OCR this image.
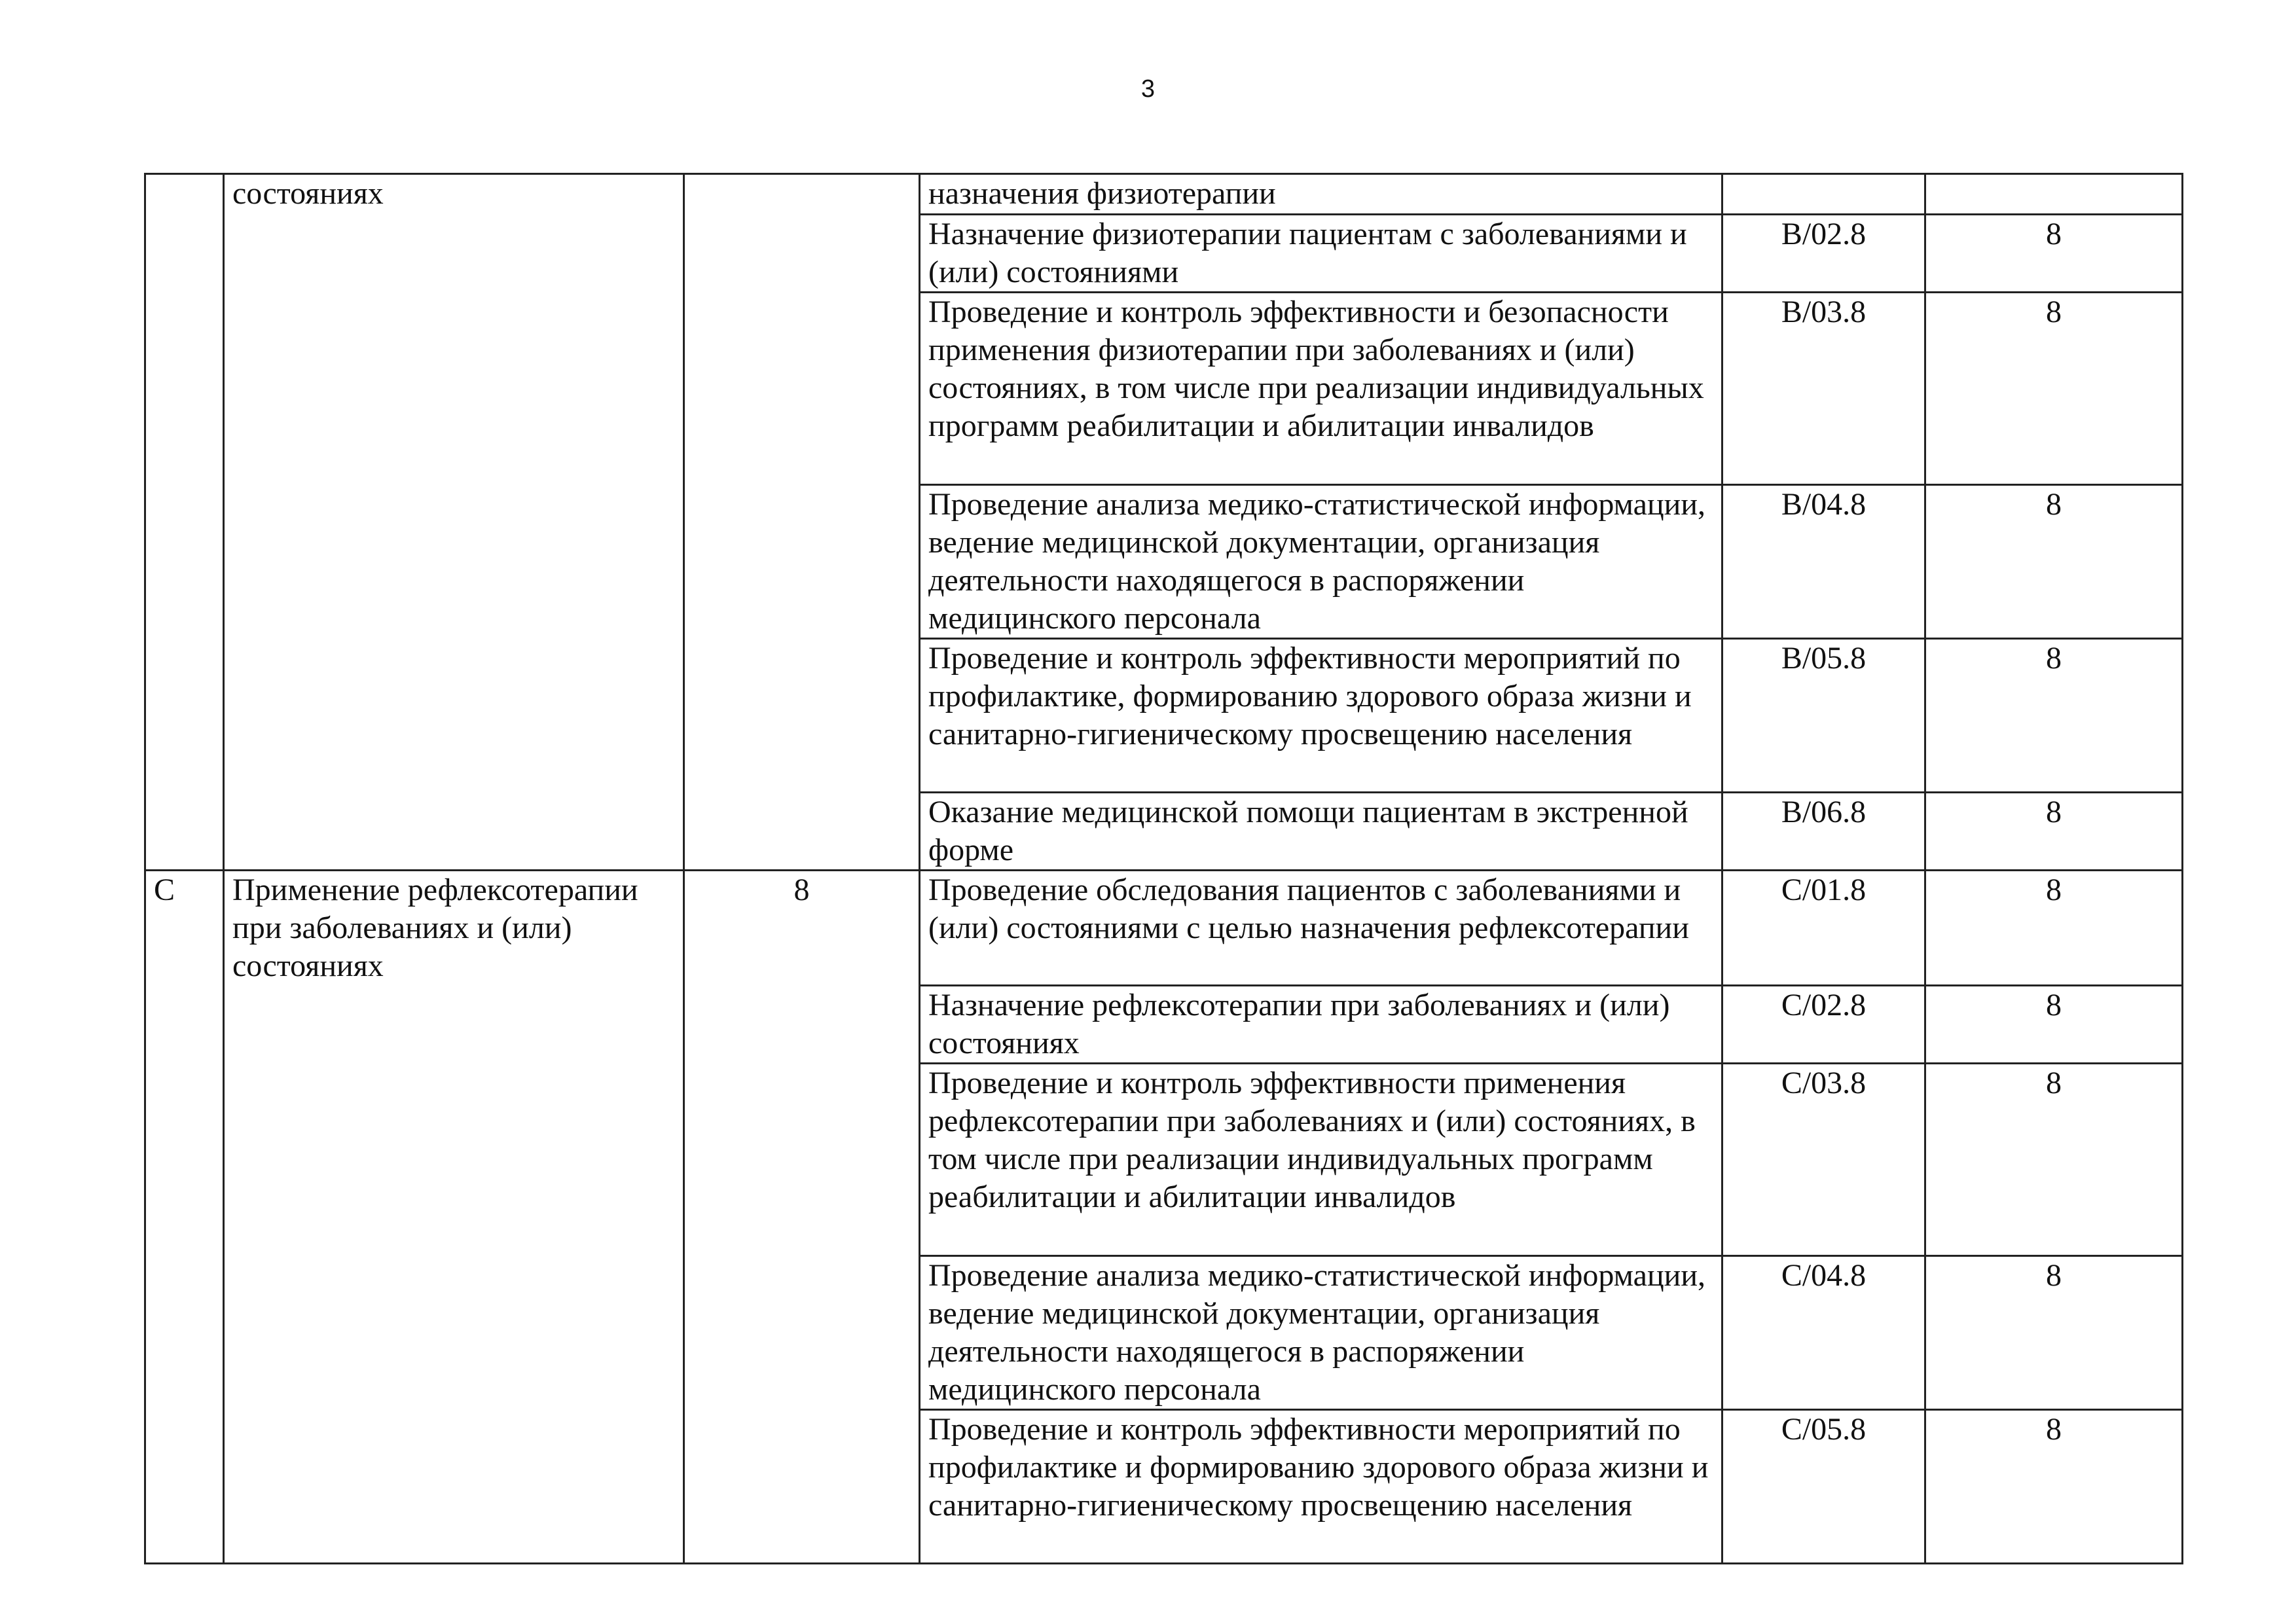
3
	состояниях		назначения физиотерапии		
			Назначение физиотерапии пациентам с заболеваниями и (или) состояниями	B/02.8	8
			Проведение и контроль эффективности и безопасности применения физиотерапии при заболеваниях и (или) состояниях, в том числе при реализации индивидуальных программ реабилитации и абилитации инвалидов	B/03.8	8
			Проведение анализа медико-статистической информации, ведение медицинской документации, организация деятельности находящегося в распоряжении медицинского персонала	B/04.8	8
			Проведение и контроль эффективности мероприятий по профилактике, формированию здорового образа жизни и санитарно-гигиеническому просвещению населения	B/05.8	8
			Оказание медицинской помощи пациентам в экстренной форме	B/06.8	8
C	Применение рефлексотерапии при заболеваниях и (или) состояниях	8	Проведение обследования пациентов с заболеваниями и (или) состояниями с целью назначения рефлексотерапии	C/01.8	8
			Назначение рефлексотерапии при заболеваниях и (или) состояниях	C/02.8	8
			Проведение и контроль эффективности применения рефлексотерапии при заболеваниях и (или) состояниях, в том числе при реализации индивидуальных программ реабилитации и абилитации инвалидов	C/03.8	8
			Проведение анализа медико-статистической информации, ведение медицинской документации, организация деятельности находящегося в распоряжении медицинского персонала	C/04.8	8
			Проведение и контроль эффективности мероприятий по профилактике и формированию здорового образа жизни и санитарно-гигиеническому просвещению населения	C/05.8	8
